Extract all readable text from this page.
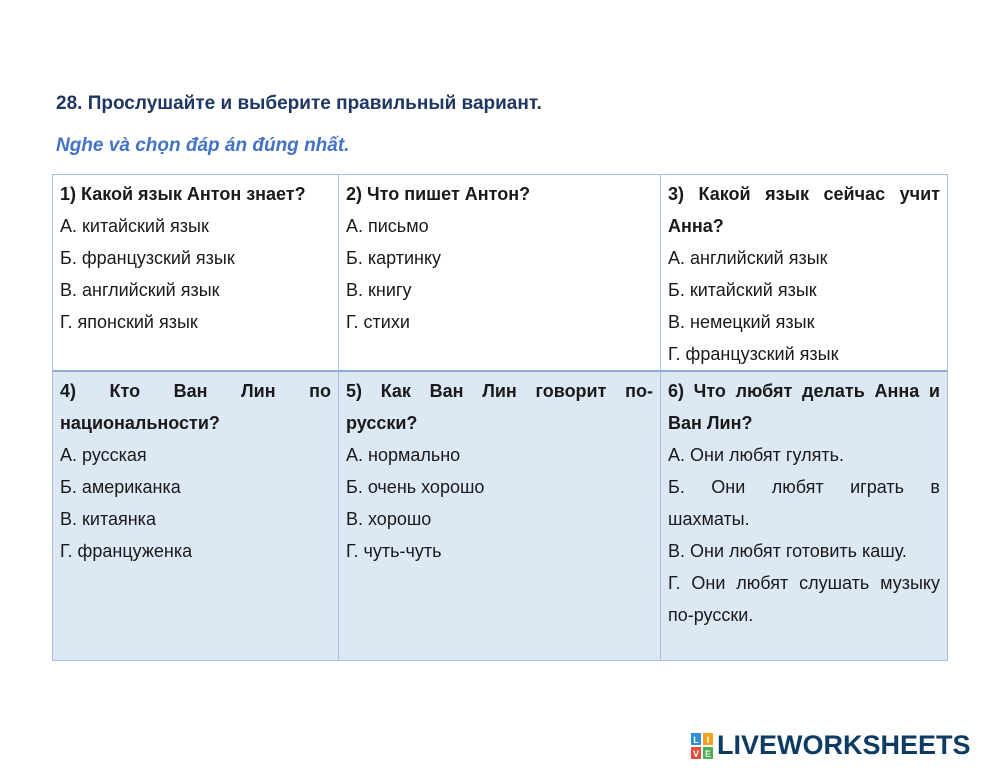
28. Прослушайте и выберите правильный вариант.
Nghe và chọn đáp án đúng nhất.
1) Какой язык Антон знает?
А. китайский язык
Б. французский язык
В. английский язык
Г. японский язык	2) Что пишет Антон?
А. письмо
Б. картинку
В. книгу
Г. стихи	3) Какой язык сейчас учит Анна?
А. английский язык
Б. китайский язык
В. немецкий язык
Г. французский язык

4) Кто Ван Лин по национальности?
А. русская
Б. американка
В. китаянка
Г. француженка	5) Как Ван Лин говорит по-русски?
А. нормально
Б. очень хорошо
В. хорошо
Г. чуть-чуть	6) Что любят делать Анна и Ван Лин?
А. Они любят гулять.
Б. Они любят играть в шахматы.
В. Они любят готовить кашу.
Г. Они любят слушать музыку по-русски.
L I
V E LIVEWORKSHEETS
